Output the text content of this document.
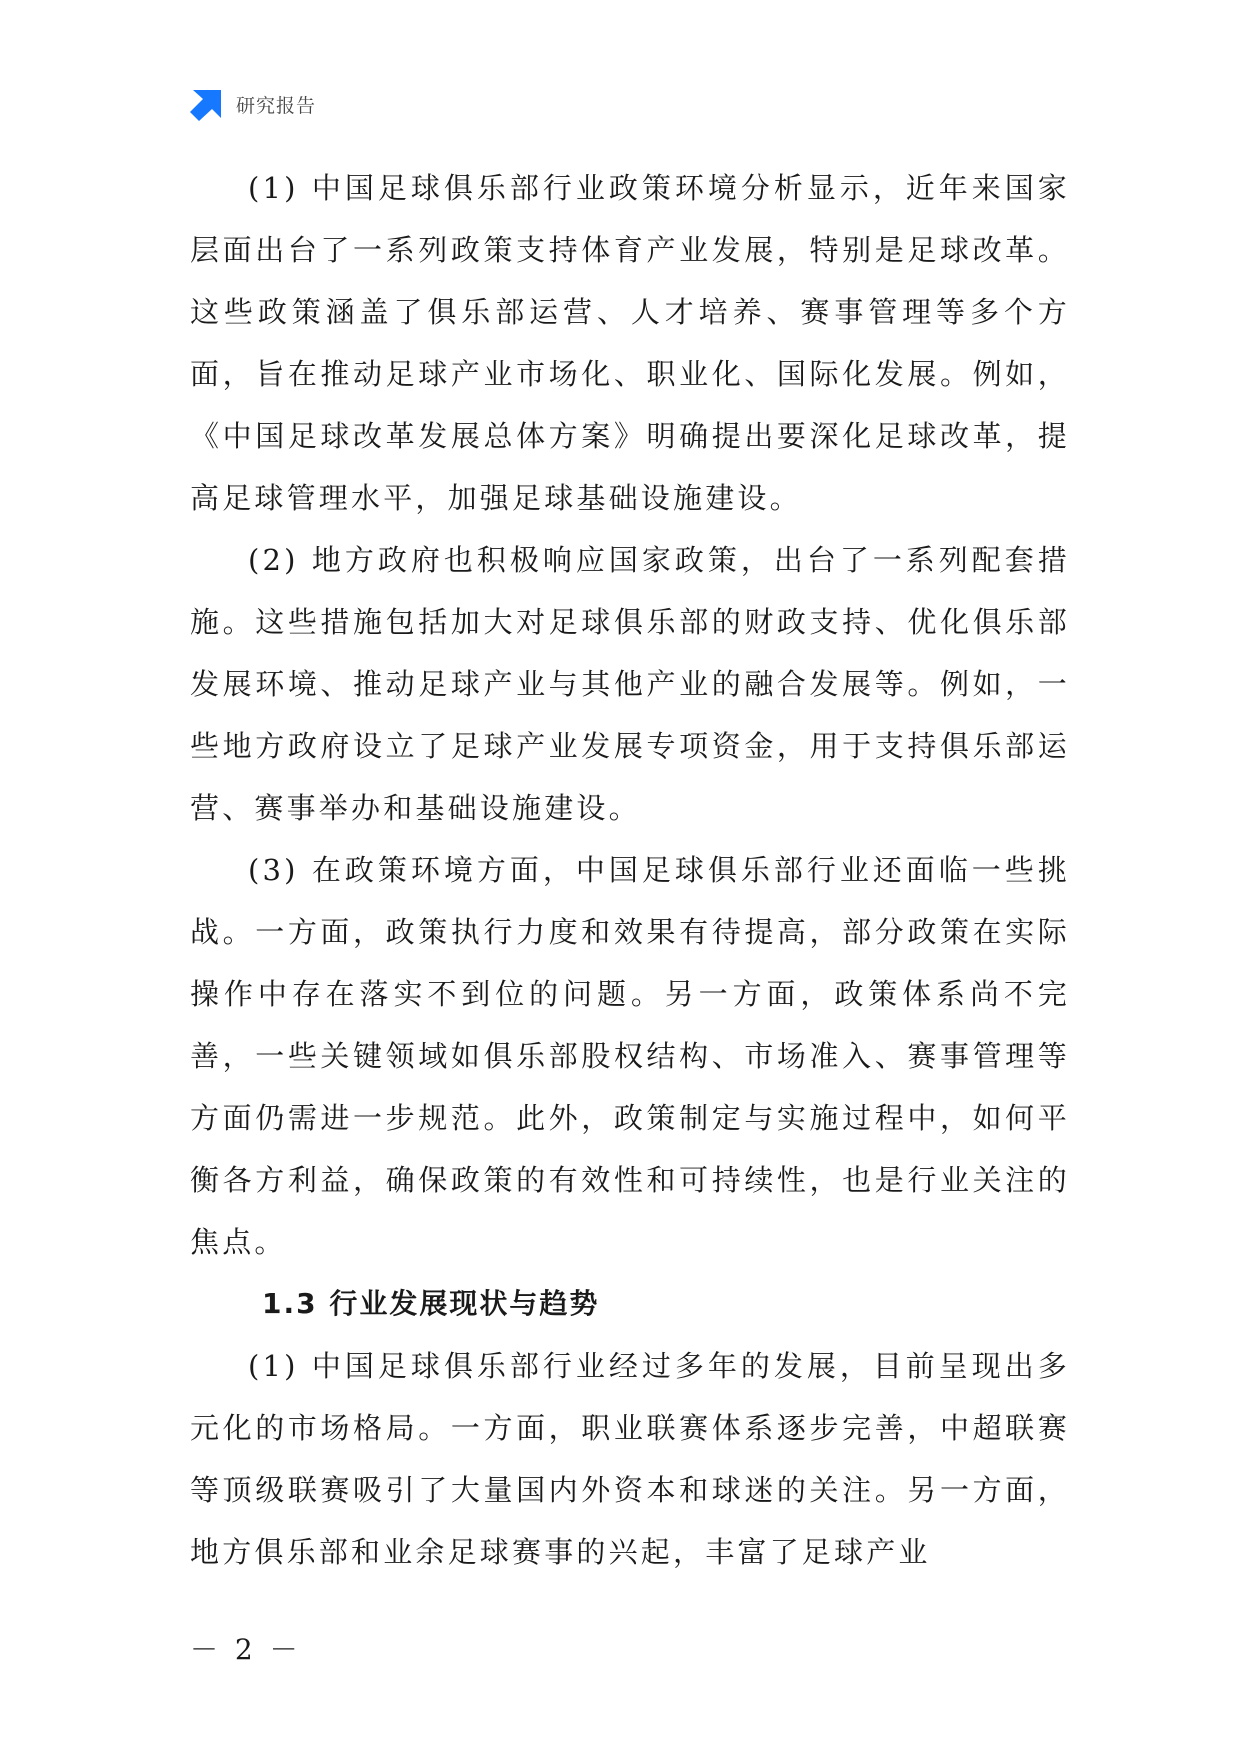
研究报告

(1) 中国足球俱乐部行业政策环境分析显示，近年来国家层面出台了一系列政策支持体育产业发展，特别是足球改革。这些政策涵盖了俱乐部运营、人才培养、赛事管理等多个方面，旨在推动足球产业市场化、职业化、国际化发展。例如，《中国足球改革发展总体方案》明确提出要深化足球改革，提高足球管理水平，加强足球基础设施建设。

(2) 地方政府也积极响应国家政策，出台了一系列配套措施。这些措施包括加大对足球俱乐部的财政支持、优化俱乐部发展环境、推动足球产业与其他产业的融合发展等。例如，一些地方政府设立了足球产业发展专项资金，用于支持俱乐部运营、赛事举办和基础设施建设。

(3) 在政策环境方面，中国足球俱乐部行业还面临一些挑战。一方面，政策执行力度和效果有待提高，部分政策在实际操作中存在落实不到位的问题。另一方面，政策体系尚不完善，一些关键领域如俱乐部股权结构、市场准入、赛事管理等方面仍需进一步规范。此外，政策制定与实施过程中，如何平衡各方利益，确保政策的有效性和可持续性，也是行业关注的焦点。

1.3 行业发展现状与趋势

(1) 中国足球俱乐部行业经过多年的发展，目前呈现出多元化的市场格局。一方面，职业联赛体系逐步完善，中超联赛等顶级联赛吸引了大量国内外资本和球迷的关注。另一方面，地方俱乐部和业余足球赛事的兴起，丰富了足球产业

－ 2 －
